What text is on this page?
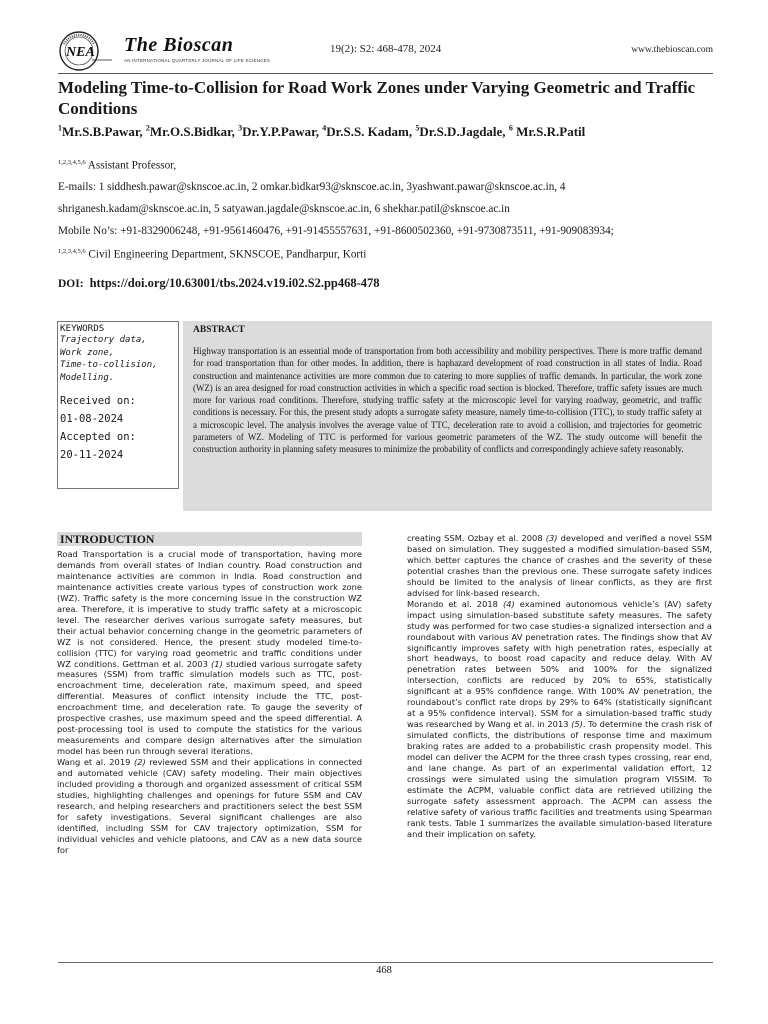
NEA The Bioscan
AN INTERNATIONAL QUARTERLY JOURNAL OF LIFE SCIENCES
19(2): S2: 468-478, 2024	www.thebioscan.com
Modeling Time-to-Collision for Road Work Zones under Varying Geometric and Traffic Conditions
$^1$Mr.S.B.Pawar, $^2$Mr.O.S.Bidkar, $^3$Dr.Y.P.Pawar, $^4$Dr.S.S. Kadam, $^5$Dr.S.D.Jagdale, $^6$ Mr.S.R.Patil
$^{1,2,3,4,5,6}$ Assistant Professor,
E-mails: 1 siddhesh.pawar@sknscoe.ac.in, 2 omkar.bidkar93@sknscoe.ac.in, 3yashwant.pawar@sknscoe.ac.in, 4
shriganesh.kadam@sknscoe.ac.in, 5 satyawan.jagdale@sknscoe.ac.in, 6 shekhar.patil@sknscoe.ac.in
Mobile No’s: +91-8329006248, +91-9561460476, +91-91455557631, +91-8600502360, +91-9730873511, +91-909083934;
$^{1,2,3,4,5,6}$ Civil Engineering Department, SKNSCOE, Pandharpur, Korti
DOI: https://doi.org/10.63001/tbs.2024.v19.i02.S2.pp468-478
KEYWORDS
Trajectory data,
Work zone,
Time-to-collision,
Modelling.
Received on:
01-08-2024
Accepted on:
20-11-2024
ABSTRACT
Highway transportation is an essential mode of transportation from both accessibility and mobility perspectives. There is more traffic demand for road transportation than for other modes. In addition, there is haphazard development of road construction in all states of India. Road construction and maintenance activities are more common due to catering to more supplies of traffic demands. In particular, the work zone (WZ) is an area designed for road construction activities in which a specific road section is blocked. Therefore, traffic safety issues are much more for various road conditions. Therefore, studying traffic safety at the microscopic level for varying roadway, geometric, and traffic conditions is necessary. For this, the present study adopts a surrogate safety measure, namely time-to-collision (TTC), to study traffic safety at a microscopic level. The analysis involves the average value of TTC, deceleration rate to avoid a collision, and trajectories for geometric parameters of WZ. Modeling of TTC is performed for various geometric parameters of the WZ. The study outcome will benefit the construction authority in planning safety measures to minimize the probability of conflicts and correspondingly achieve safety reasonably.
INTRODUCTION

Road Transportation is a crucial mode of transportation, having more demands from overall states of Indian country. Road construction and maintenance activities are common in India. Road construction and maintenance activities create various types of construction work zone (WZ). Traffic safety is the more concerning issue in the construction WZ area. Therefore, it is imperative to study traffic safety at a microscopic level. The researcher derives various surrogate safety measures, but their actual behavior concerning change in the geometric parameters of WZ is not considered. Hence, the present study modeled time-to-collision (TTC) for varying road geometric and traffic conditions under WZ conditions. Gettman et al. 2003 (1) studied various surrogate safety measures (SSM) from traffic simulation models such as TTC, post-encroachment time, deceleration rate, maximum speed, and speed differential. Measures of conflict intensity include the TTC, post-encroachment time, and deceleration rate. To gauge the severity of prospective crashes, use maximum speed and the speed differential. A post-processing tool is used to compute the statistics for the various measurements and compare design alternatives after the simulation model has been run through several iterations.

Wang et al. 2019 (2) reviewed SSM and their applications in connected and automated vehicle (CAV) safety modeling. Their main objectives included providing a thorough and organized assessment of critical SSM studies, highlighting challenges and openings for future SSM and CAV research, and helping researchers and practitioners select the best SSM for safety investigations. Several significant challenges are also identified, including SSM for CAV trajectory optimization, SSM for individual vehicles and vehicle platoons, and CAV as a new data source for

creating SSM. Ozbay et al. 2008 (3) developed and verified a novel SSM based on simulation. They suggested a modified simulation-based SSM, which better captures the chance of crashes and the severity of these potential crashes than the previous one. These surrogate safety indices should be limited to the analysis of linear conflicts, as they are first advised for link-based research.

Morando et al. 2018 (4) examined autonomous vehicle’s (AV) safety impact using simulation-based substitute safety measures. The safety study was performed for two case studies-a signalized intersection and a roundabout with various AV penetration rates. The findings show that AV significantly improves safety with high penetration rates, especially at short headways, to boost road capacity and reduce delay. With AV penetration rates between 50% and 100% for the signalized intersection, conflicts are reduced by 20% to 65%, statistically significant at a 95% confidence range. With 100% AV penetration, the roundabout’s conflict rate drops by 29% to 64% (statistically significant at a 95% confidence interval). SSM for a simulation-based traffic study was researched by Wang et al. in 2013 (5). To determine the crash risk of simulated conflicts, the distributions of response time and maximum braking rates are added to a probabilistic crash propensity model. This model can deliver the ACPM for the three crash types crossing, rear end, and lane change. As part of an experimental validation effort, 12 crossings were simulated using the simulation program VISSIM. To estimate the ACPM, valuable conflict data are retrieved utilizing the surrogate safety assessment approach. The ACPM can assess the relative safety of various traffic facilities and treatments using Spearman rank tests. Table 1 summarizes the available simulation-based literature and their implication on safety.

468
